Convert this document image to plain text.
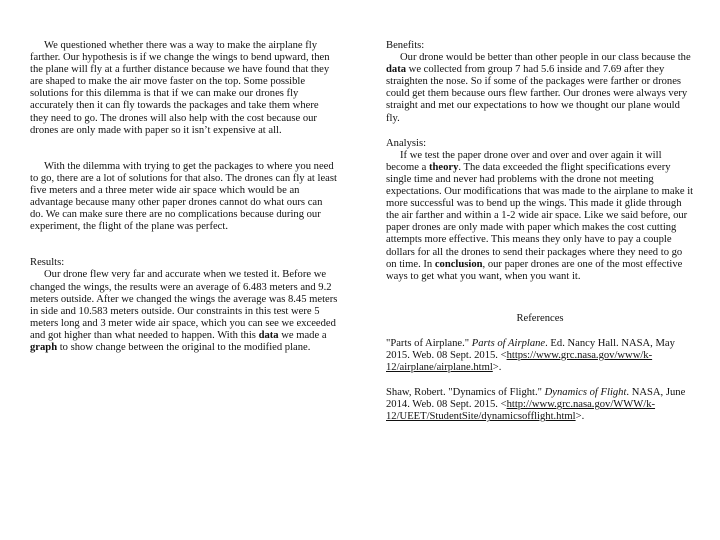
We questioned whether there was a way to make the airplane fly farther. Our hypothesis is if we change the wings to bend upward, then the plane will fly at a further distance because we have found that they are shaped to make the air move faster on the top. Some possible solutions for this dilemma is that if we can make our drones fly accurately then it can fly towards the packages and take them where they need to go. The drones will also help with the cost because our drones are only made with paper so it isn’t expensive at all.

With the dilemma with trying to get the packages to where you need to go, there are a lot of solutions for that also. The drones can fly at least five meters and a three meter wide air space which would be an advantage because many other paper drones cannot do what ours can do. We can make sure there are no complications because during our experiment, the flight of the plane was perfect.

Results:

Our drone flew very far and accurate when we tested it. Before we changed the wings, the results were an average of 6.483 meters and 9.2 meters outside. After we changed the wings the average was 8.45 meters in side and 10.583 meters outside. Our constraints in this test were 5 meters long and 3 meter wide air space, which you can see we exceeded and got higher than what needed to happen. With this data we made a graph to show change between the original to the modified plane.

Benefits:

Our drone would be better than other people in our class because the data we collected from group 7 had 5.6 inside and 7.69 after they straighten the nose. So if some of the packages were farther or drones could get them because ours flew farther. Our drones were always very straight and met our expectations to how we thought our plane would fly.

Analysis:

If we test the paper drone over and over and over again it will become a theory. The data exceeded the flight specifications every single time and never had problems with the drone not meeting expectations. Our modifications that was made to the airplane to make it more successful was to bend up the wings. This made it glide through the air farther and within a 1-2 wide air space. Like we said before, our paper drones are only made with paper which makes the cost cutting attempts more effective. This means they only have to pay a couple dollars for all the drones to send their packages where they need to go on time. In conclusion, our paper drones are one of the most effective ways to get what you want, when you want it.

References

"Parts of Airplane." Parts of Airplane. Ed. Nancy Hall. NASA, May 2015. Web. 08 Sept. 2015. <https://www.grc.nasa.gov/www/k-12/airplane/airplane.html>.

Shaw, Robert. "Dynamics of Flight." Dynamics of Flight. NASA, June 2014. Web. 08 Sept. 2015. <http://www.grc.nasa.gov/WWW/k-12/UEET/StudentSite/dynamicsofflight.html>.
